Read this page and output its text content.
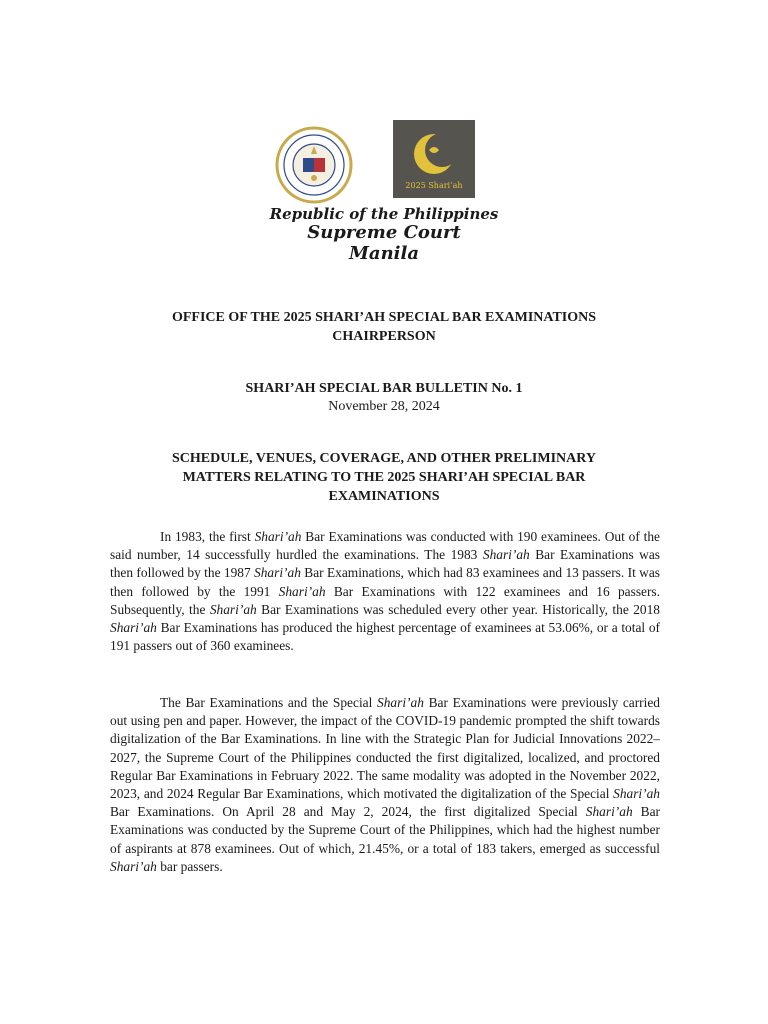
2025 Shari’ah

Republic of the Philippines

Supreme Court

Manila

OFFICE OF THE 2025 SHARI’AH SPECIAL BAR EXAMINATIONS
CHAIRPERSON

SHARI’AH SPECIAL BAR BULLETIN No. 1
November 28, 2024

SCHEDULE, VENUES, COVERAGE, AND OTHER PRELIMINARY
MATTERS RELATING TO THE 2025 SHARI’AH SPECIAL BAR
EXAMINATIONS

In 1983, the first Shari’ah Bar Examinations was conducted with 190 examinees. Out of the said number, 14 successfully hurdled the examinations. The 1983 Shari’ah Bar Examinations was then followed by the 1987 Shari’ah Bar Examinations, which had 83 examinees and 13 passers. It was then followed by the 1991 Shari’ah Bar Examinations with 122 examinees and 16 passers. Subsequently, the Shari’ah Bar Examinations was scheduled every other year. Historically, the 2018 Shari’ah Bar Examinations has produced the highest percentage of examinees at 53.06%, or a total of 191 passers out of 360 examinees.

The Bar Examinations and the Special Shari’ah Bar Examinations were previously carried out using pen and paper. However, the impact of the COVID-19 pandemic prompted the shift towards digitalization of the Bar Examinations. In line with the Strategic Plan for Judicial Innovations 2022–2027, the Supreme Court of the Philippines conducted the first digitalized, localized, and proctored Regular Bar Examinations in February 2022. The same modality was adopted in the November 2022, 2023, and 2024 Regular Bar Examinations, which motivated the digitalization of the Special Shari’ah Bar Examinations. On April 28 and May 2, 2024, the first digitalized Special Shari’ah Bar Examinations was conducted by the Supreme Court of the Philippines, which had the highest number of aspirants at 878 examinees. Out of which, 21.45%, or a total of 183 takers, emerged as successful Shari’ah bar passers.
